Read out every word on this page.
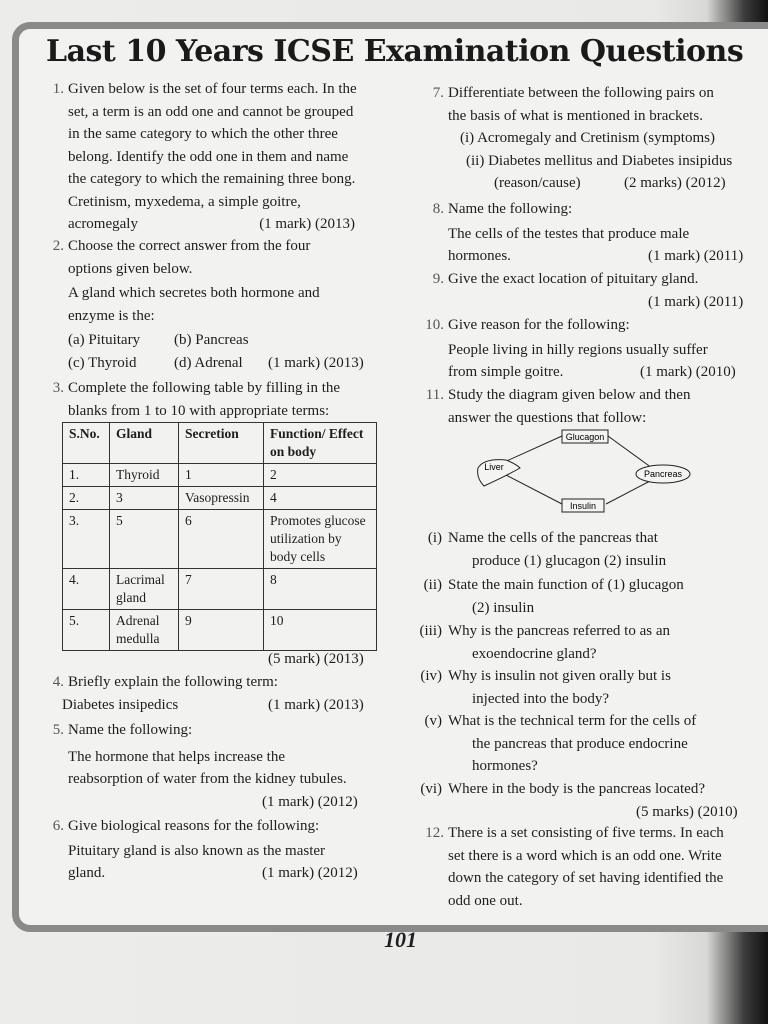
Last 10 Years ICSE Examination Questions
1. Given below is the set of four terms each. In the
set, a term is an odd one and cannot be grouped
in the same category to which the other three
belong. Identify the odd one in them and name
the category to which the remaining three bong.
Cretinism, myxedema, a simple goitre,
acromegaly	(1 mark) (2013)
2. Choose the correct answer from the four
options given below.
A gland which secretes both hormone and
enzyme is the:
(a) Pituitary (b) Pancreas
(c) Thyroid	(d) Adrenal (1 mark) (2013)
3. Complete the following table by filling in the
blanks from 1 to 10 with appropriate terms:
S.No.	Gland	Secretion	Function/ Effect on body
1.	Thyroid	1	2
2.	3	Vasopressin	4
3.	5	6	Promotes glucose utilization by body cells
4.	Lacrimal gland	7	8
5.	Adrenal medulla	9	10
(5 mark) (2013)
4. Briefly explain the following term:
Diabetes insipedics	(1 mark) (2013)
5. Name the following:
The hormone that helps increase the
reabsorption of water from the kidney tubules.
(1 mark) (2012)

6. Give biological reasons for the following:
Pituitary gland is also known as the master
gland.	(1 mark) (2012)
7. Differentiate between the following pairs on
the basis of what is mentioned in brackets.
(i) Acromegaly and Cretinism (symptoms)
(ii) Diabetes mellitus and Diabetes insipidus
(reason/cause)	(2 marks) (2012)
8. Name the following:
The cells of the testes that produce male
hormones.	(1 mark) (2011)
9. Give the exact location of pituitary gland.
(1 mark) (2011)

10. Give reason for the following:
People living in hilly regions usually suffer
from simple goitre.	(1 mark) (2010)
11. Study the diagram given below and then
answer the questions that follow:
Glucagon
Liver
Pancreas
Insulin
(i) Name the cells of the pancreas that
produce (1) glucagon (2) insulin
(ii) State the main function of (1) glucagon
(2) insulin
(iii) Why is the pancreas referred to as an
exoendocrine gland?
(iv) Why is insulin not given orally but is
injected into the body?
(v) What is the technical term for the cells of
the pancreas that produce endocrine
hormones?
(vi) Where in the body is the pancreas located?
(5 marks) (2010)

12. There is a set consisting of five terms. In each
set there is a word which is an odd one. Write
down the category of set having identified the
odd one out.
101
